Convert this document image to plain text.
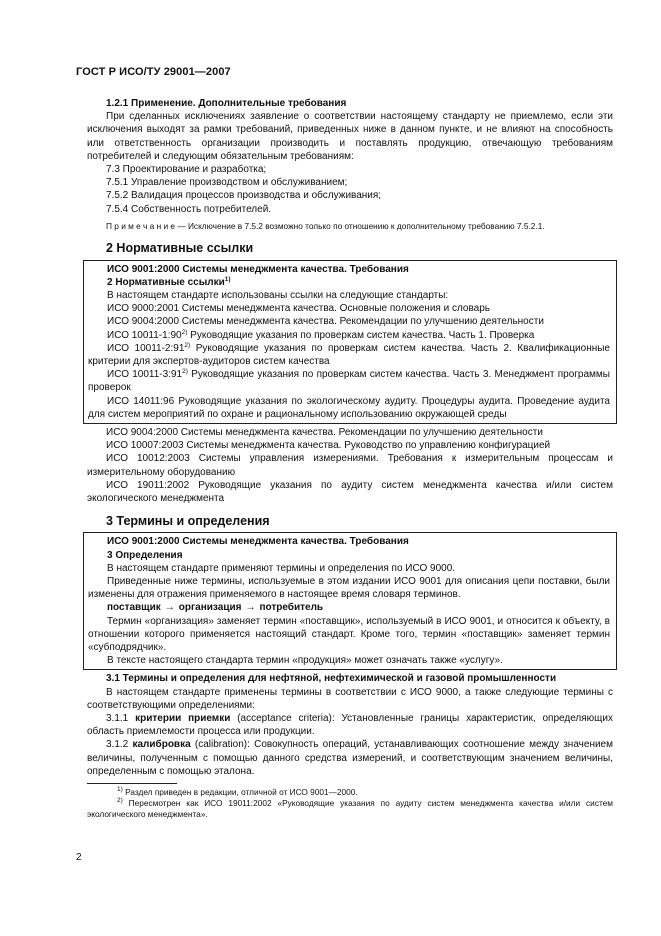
ГОСТ Р ИСО/ТУ 29001—2007

1.2.1 Применение. Дополнительные требования

При сделанных исключениях заявление о соответствии настоящему стандарту не приемлемо, если эти исключения выходят за рамки требований, приведенных ниже в данном пункте, и не влияют на способность или ответственность организации производить и поставлять продукцию, отвечающую требованиям потребителей и следующим обязательным требованиям:

7.3 Проектирование и разработка;

7.5.1 Управление производством и обслуживанием;

7.5.2 Валидация процессов производства и обслуживания;

7.5.4 Собственность потребителей.

П р и м е ч а н и е — Исключение в 7.5.2 возможно только по отношению к дополнительному требованию 7.5.2.1.

2 Нормативные ссылки

ИСО 9001:2000 Системы менеджмента качества. Требования

2 Нормативные ссылки$^{1)}$

В настоящем стандарте использованы ссылки на следующие стандарты:

ИСО 9000:2001 Системы менеджмента качества. Основные положения и словарь

ИСО 9004:2000 Системы менеджмента качества. Рекомендации по улучшению деятельности

ИСО 10011-1:90$^{2)}$ Руководящие указания по проверкам систем качества. Часть 1. Проверка

ИСО 10011-2:91$^{2)}$ Руководящие указания по проверкам систем качества. Часть 2. Квалификационные критерии для экспертов-аудиторов систем качества

ИСО 10011-3:91$^{2)}$ Руководящие указания по проверкам систем качества. Часть 3. Менеджмент программы проверок

ИСО 14011:96 Руководящие указания по экологическому аудиту. Процедуры аудита. Проведение аудита для систем мероприятий по охране и рациональному использованию окружающей среды

ИСО 9004:2000 Системы менеджмента качества. Рекомендации по улучшению деятельности

ИСО 10007:2003 Системы менеджмента качества. Руководство по управлению конфигурацией

ИСО 10012:2003 Системы управления измерениями. Требования к измерительным процессам и измерительному оборудованию

ИСО 19011:2002 Руководящие указания по аудиту систем менеджмента качества и/или систем экологического менеджмента

3 Термины и определения

ИСО 9001:2000 Системы менеджмента качества. Требования

3 Определения

В настоящем стандарте применяют термины и определения по ИСО 9000.

Приведенные ниже термины, используемые в этом издании ИСО 9001 для описания цепи поставки, были изменены для отражения применяемого в настоящее время словаря терминов.

поставщик → организация → потребитель

Термин «организация» заменяет термин «поставщик», используемый в ИСО 9001, и относится к объекту, в отношении которого применяется настоящий стандарт. Кроме того, термин «поставщик» заменяет термин «субподрядчик».

В тексте настоящего стандарта термин «продукция» может означать также «услугу».

3.1 Термины и определения для нефтяной, нефтехимической и газовой промышленности

В настоящем стандарте применены термины в соответствии с ИСО 9000, а также следующие термины с соответствующими определениями:

3.1.1 критерии приемки (acceptance criteria): Установленные границы характеристик, определяющих область приемлемости процесса или продукции.

3.1.2 калибровка (calibration): Совокупность операций, устанавливающих соотношение между значением величины, полученным с помощью данного средства измерений, и соответствующим значением величины, определенным с помощью эталона.

$^{1)}$ Раздел приведен в редакции, отличной от ИСО 9001—2000.

$^{2)}$ Пересмотрен как ИСО 19011:2002 «Руководящие указания по аудиту систем менеджмента качества и/или систем экологического менеджмента».

2
